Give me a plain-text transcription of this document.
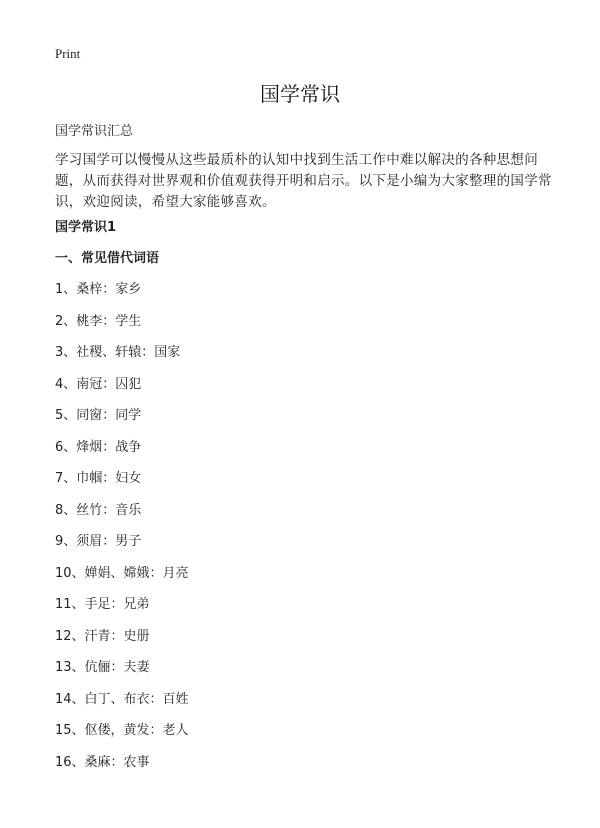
Print
国学常识
国学常识汇总

学习国学可以慢慢从这些最质朴的认知中找到生活工作中难以解决的各种思想问题，从而获得对世界观和价值观获得开明和启示。以下是小编为大家整理的国学常识，欢迎阅读，希望大家能够喜欢。

国学常识1
一、常见借代词语
1、桑梓：家乡
2、桃李：学生
3、社稷、轩辕：国家
4、南冠：囚犯
5、同窗：同学
6、烽烟：战争
7、巾帼：妇女
8、丝竹：音乐
9、须眉：男子
10、婵娟、嫦娥：月亮
11、手足：兄弟
12、汗青：史册
13、伉俪：夫妻
14、白丁、布衣：百姓
15、伛偻，黄发：老人
16、桑麻：农事
